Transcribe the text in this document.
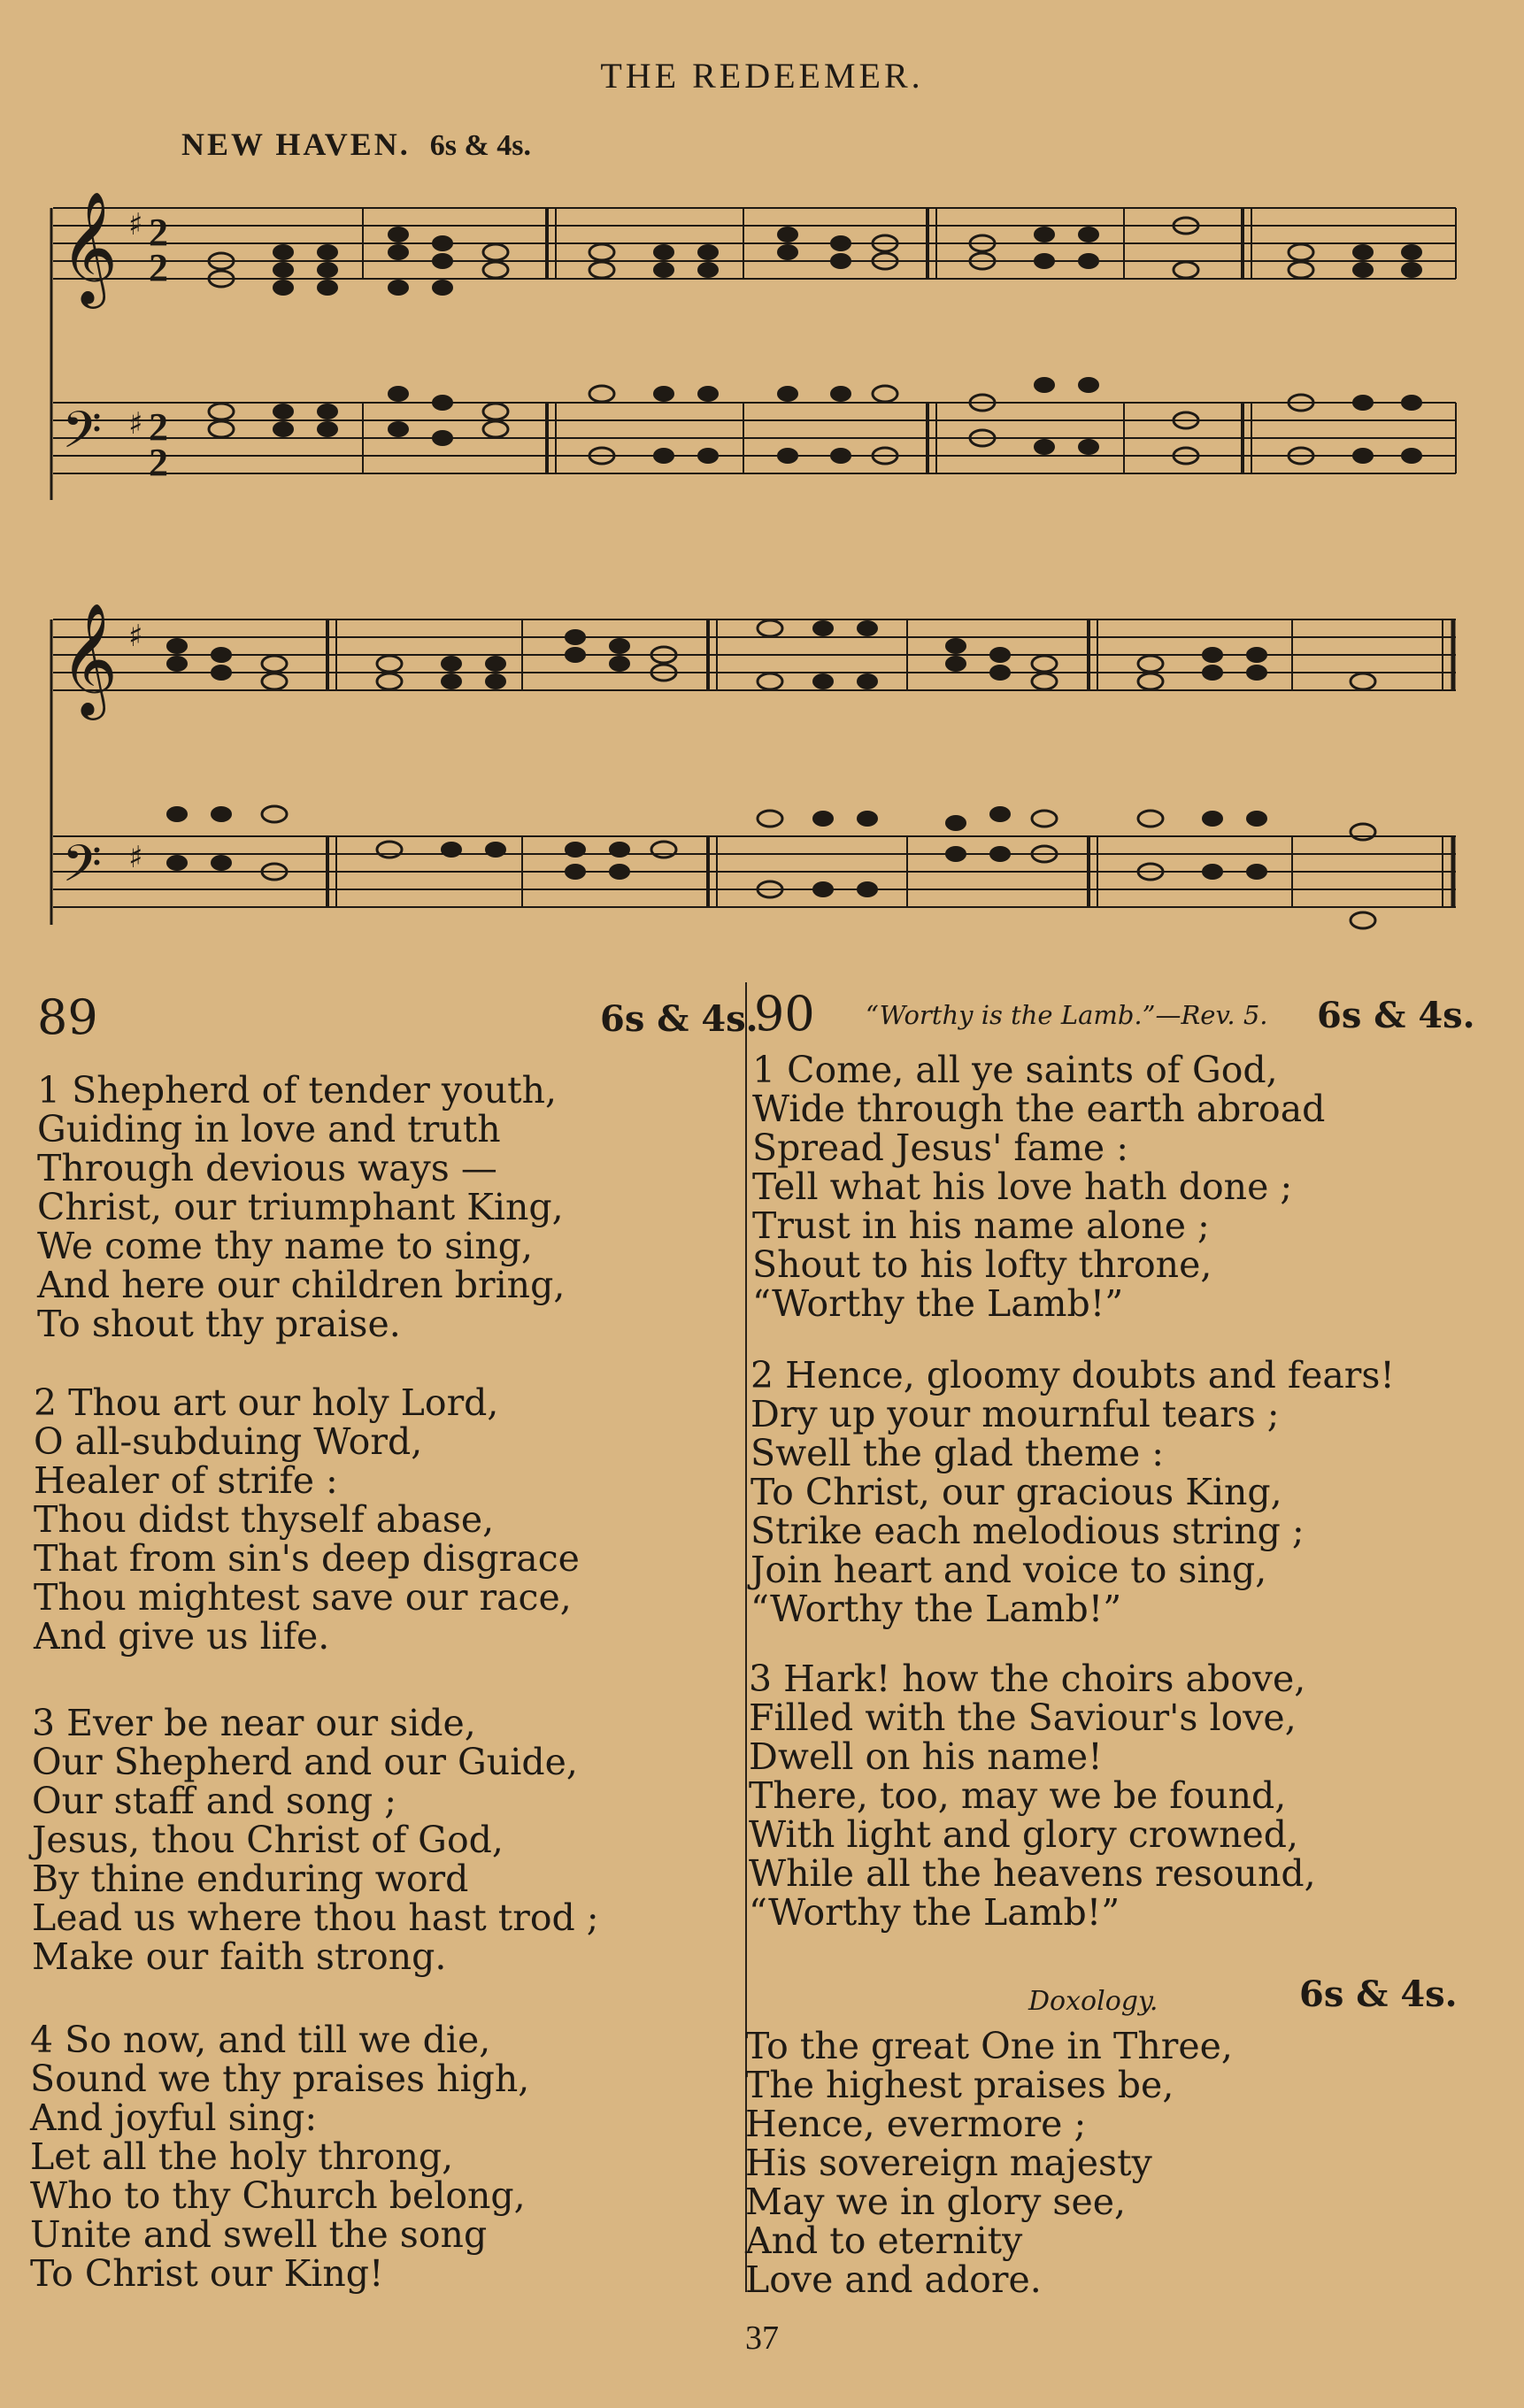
THE REDEEMER.
NEW HAVEN. 6s & 4s.
𝄞
𝄢
♯
♯
2
2
2
2
𝄞
𝄢
♯
♯
89	6s & 4s.
1 Shepherd of tender youth,
Guiding in love and truth
Through devious ways —
Christ, our triumphant King,
We come thy name to sing,
And here our children bring,
To shout thy praise.
2 Thou art our holy Lord,
O all-subduing Word,
Healer of strife :
Thou didst thyself abase,
That from sin's deep disgrace
Thou mightest save our race,
And give us life.
3 Ever be near our side,
Our Shepherd and our Guide,
Our staff and song ;
Jesus, thou Christ of God,
By thine enduring word
Lead us where thou hast trod ;
Make our faith strong.
4 So now, and till we die,
Sound we thy praises high,
And joyful sing:
Let all the holy throng,
Who to thy Church belong,
Unite and swell the song
To Christ our King!
90 “Worthy is the Lamb.”—Rev. 5. 6s & 4s.
1 Come, all ye saints of God,
Wide through the earth abroad
Spread Jesus' fame :
Tell what his love hath done ;
Trust in his name alone ;
Shout to his lofty throne,
“Worthy the Lamb!”
2 Hence, gloomy doubts and fears!
Dry up your mournful tears ;
Swell the glad theme :
To Christ, our gracious King,
Strike each melodious string ;
Join heart and voice to sing,
“Worthy the Lamb!”
3 Hark! how the choirs above,
Filled with the Saviour's love,
Dwell on his name!
There, too, may we be found,
With light and glory crowned,
While all the heavens resound,
“Worthy the Lamb!”
Doxology.	6s & 4s.
To the great One in Three,
The highest praises be,
Hence, evermore ;
His sovereign majesty
May we in glory see,
And to eternity
Love and adore.
37
